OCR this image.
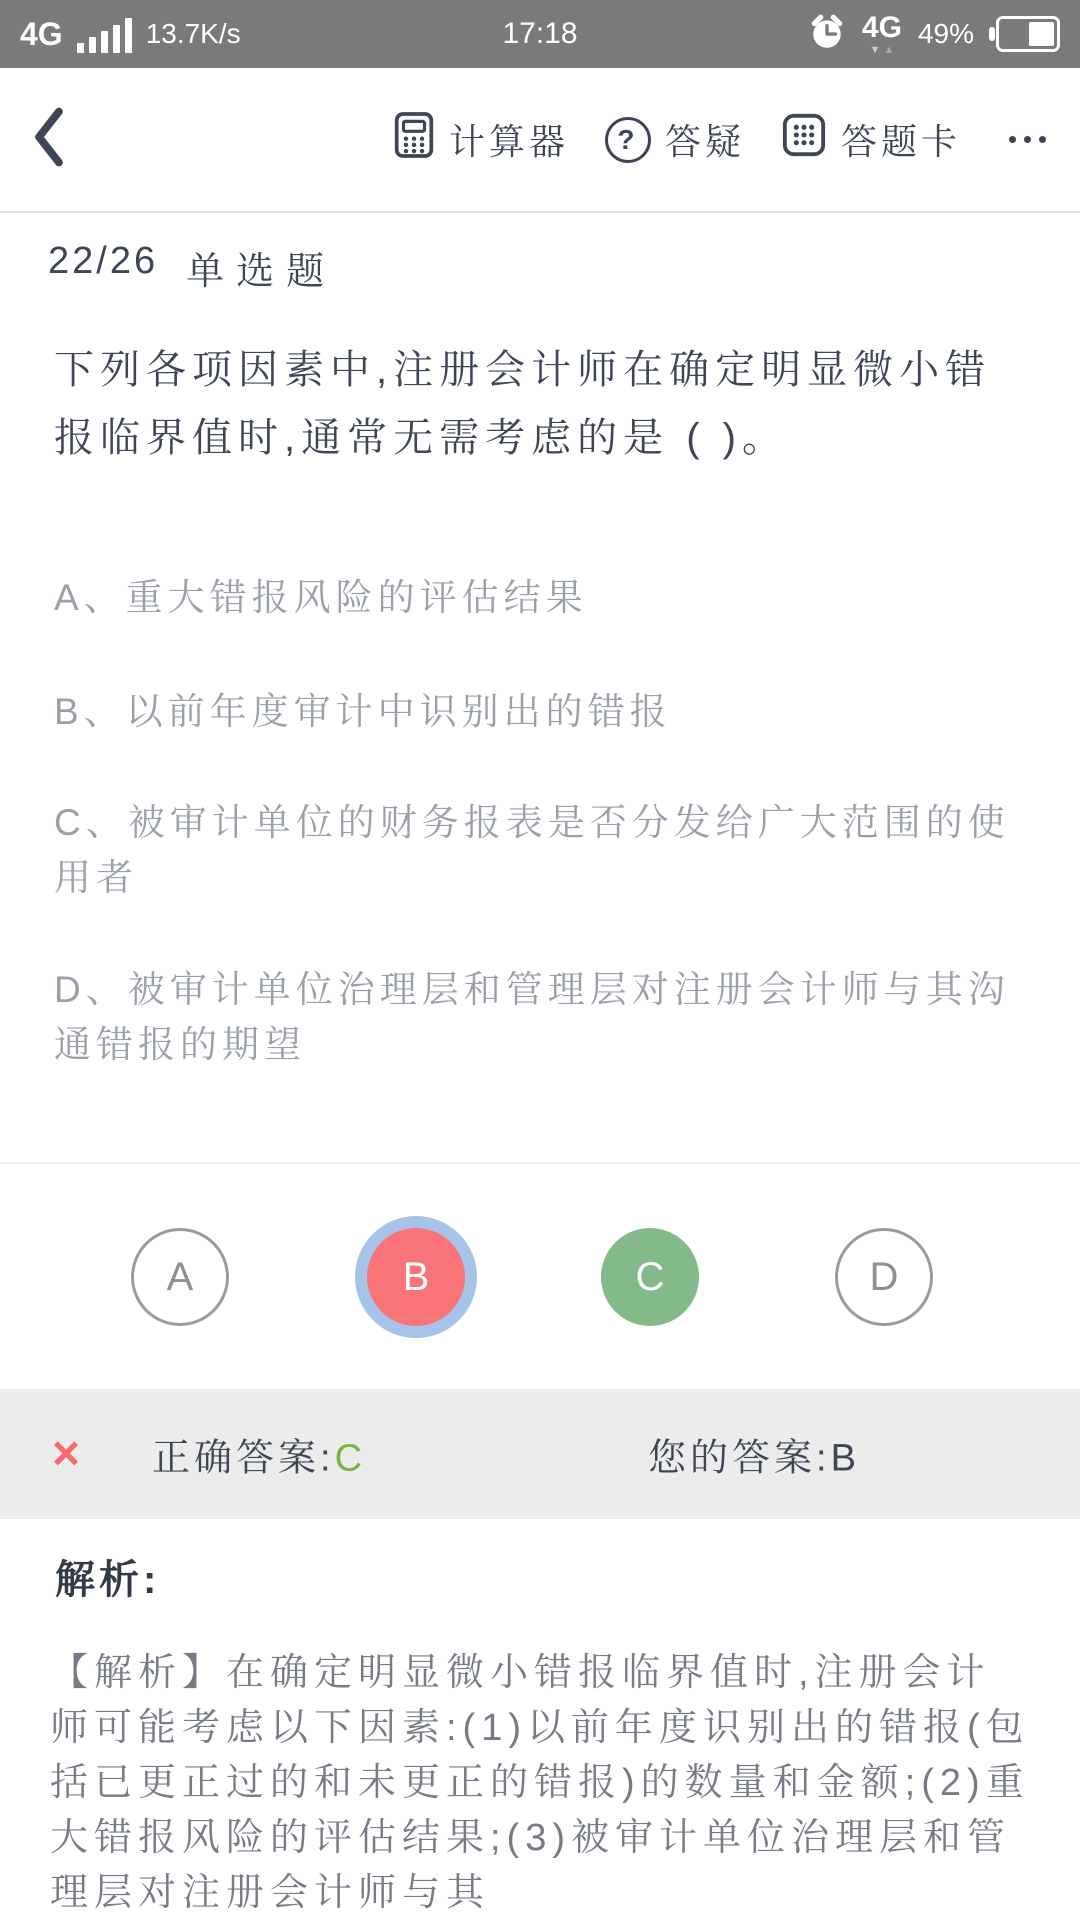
4G	13.7K/s	17:18	4G
▼ ▲
49%
计算器	? 答疑	答题卡
22/26 单选题

下列各项因素中,注册会计师在确定明显微小错报临界值时,通常无需考虑的是 ( )。

A、重大错报风险的评估结果

B、以前年度审计中识别出的错报

C、被审计单位的财务报表是否分发给广大范围的使用者

D、被审计单位治理层和管理层对注册会计师与其沟通错报的期望

A	B	C	D
× 正确答案:C	您的答案:B
解析:

【解析】在确定明显微小错报临界值时,注册会计师可能考虑以下因素:(1)以前年度识别出的错报(包括已更正过的和未更正的错报)的数量和金额;(2)重大错报风险的评估结果;(3)被审计单位治理层和管理层对注册会计师与其
